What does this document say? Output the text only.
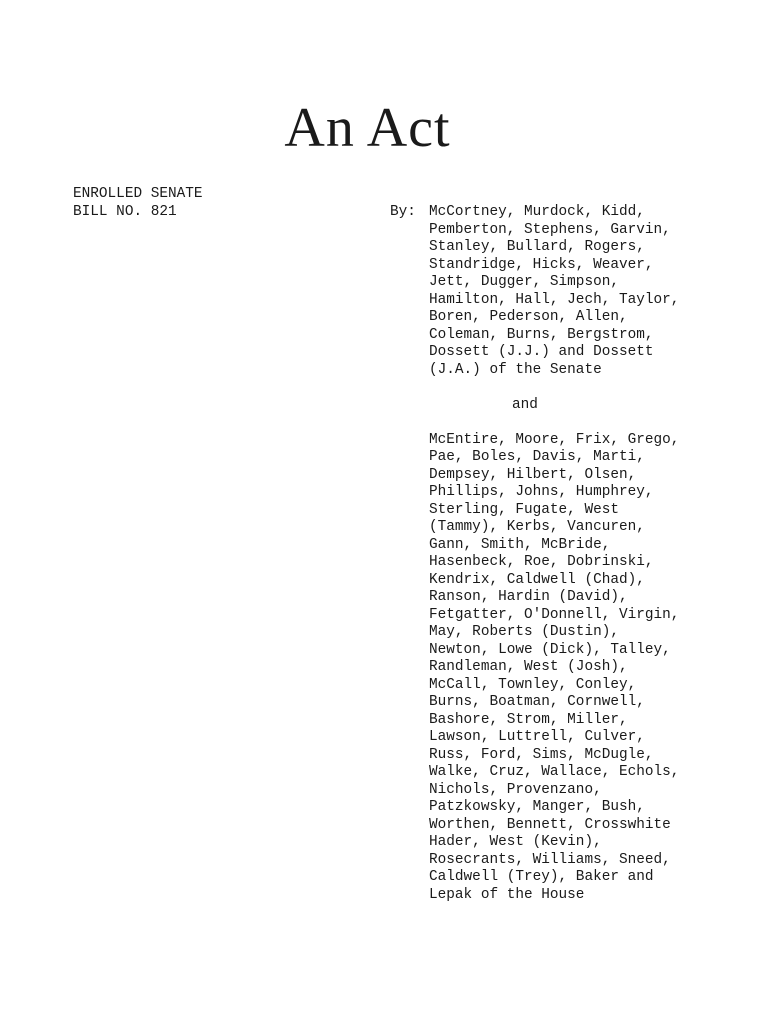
An Act
ENROLLED SENATE
BILL NO. 821	By: McCortney, Murdock, Kidd,
Pemberton, Stephens, Garvin,
Stanley, Bullard, Rogers,
Standridge, Hicks, Weaver,
Jett, Dugger, Simpson,
Hamilton, Hall, Jech, Taylor,
Boren, Pederson, Allen,
Coleman, Burns, Bergstrom,
Dossett (J.J.) and Dossett
(J.A.) of the Senate
and
McEntire, Moore, Frix, Grego,
Pae, Boles, Davis, Marti,
Dempsey, Hilbert, Olsen,
Phillips, Johns, Humphrey,
Sterling, Fugate, West
(Tammy), Kerbs, Vancuren,
Gann, Smith, McBride,
Hasenbeck, Roe, Dobrinski,
Kendrix, Caldwell (Chad),
Ranson, Hardin (David),
Fetgatter, O'Donnell, Virgin,
May, Roberts (Dustin),
Newton, Lowe (Dick), Talley,
Randleman, West (Josh),
McCall, Townley, Conley,
Burns, Boatman, Cornwell,
Bashore, Strom, Miller,
Lawson, Luttrell, Culver,
Russ, Ford, Sims, McDugle,
Walke, Cruz, Wallace, Echols,
Nichols, Provenzano,
Patzkowsky, Manger, Bush,
Worthen, Bennett, Crosswhite
Hader, West (Kevin),
Rosecrants, Williams, Sneed,
Caldwell (Trey), Baker and
Lepak of the House
